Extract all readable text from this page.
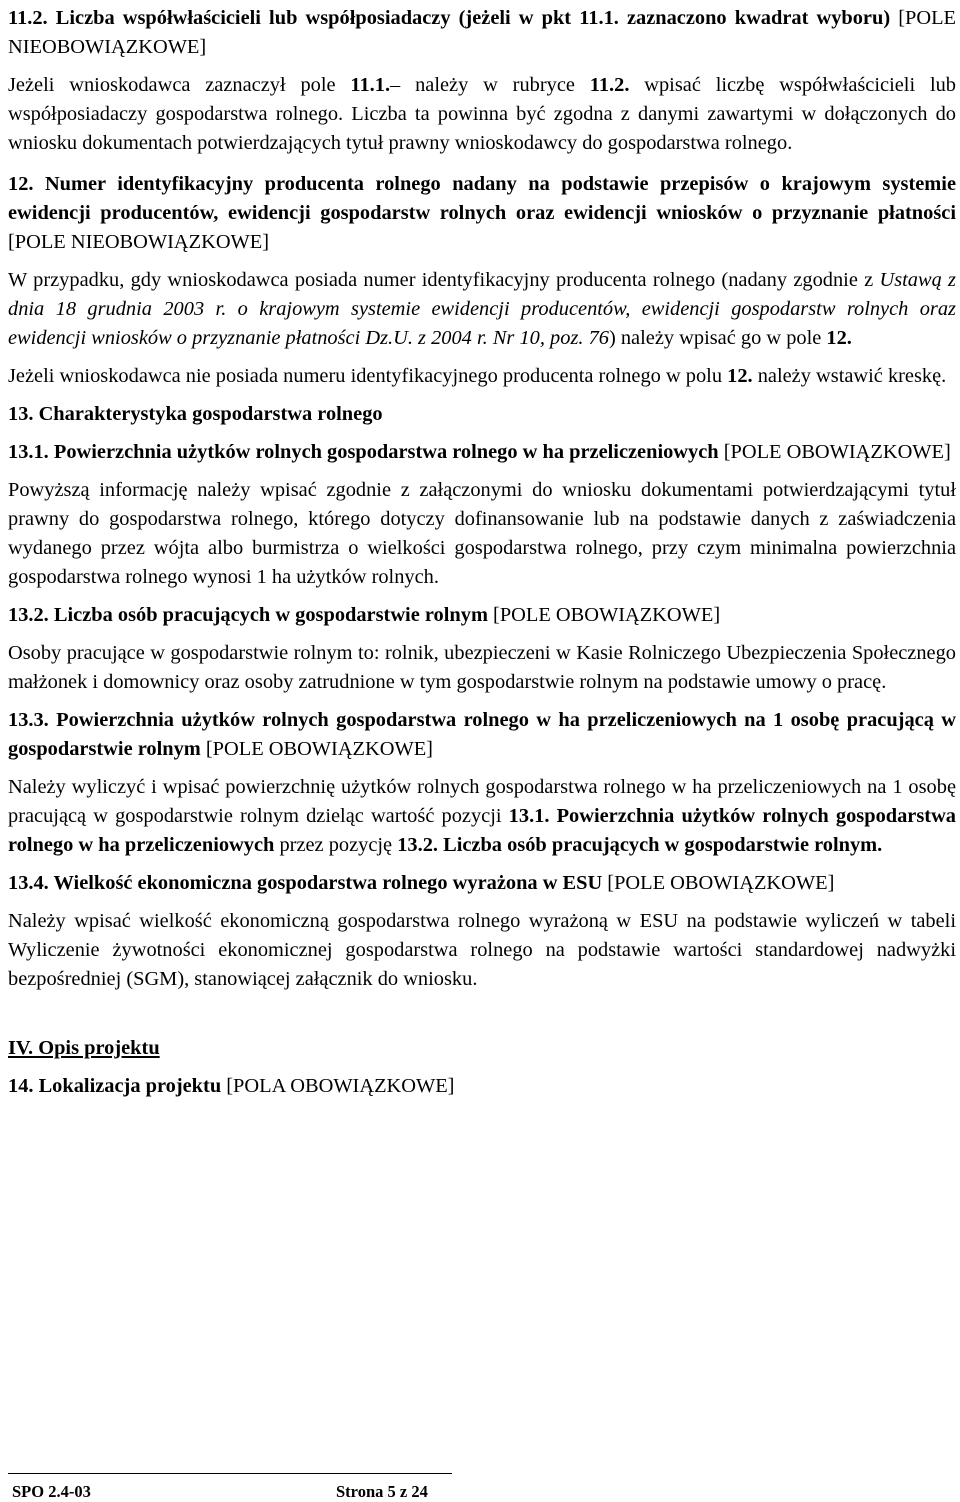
11.2. Liczba współwłaścicieli lub współposiadaczy (jeżeli w pkt 11.1. zaznaczono kwadrat wyboru) [POLE NIEOBOWIĄZKOWE]

Jeżeli wnioskodawca zaznaczył pole 11.1.– należy w rubryce 11.2. wpisać liczbę współwłaścicieli lub współposiadaczy gospodarstwa rolnego. Liczba ta powinna być zgodna z danymi zawartymi w dołączonych do wniosku dokumentach potwierdzających tytuł prawny wnioskodawcy do gospodarstwa rolnego.

12. Numer identyfikacyjny producenta rolnego nadany na podstawie przepisów o krajowym systemie ewidencji producentów, ewidencji gospodarstw rolnych oraz ewidencji wniosków o przyznanie płatności [POLE NIEOBOWIĄZKOWE]

W przypadku, gdy wnioskodawca posiada numer identyfikacyjny producenta rolnego (nadany zgodnie z Ustawą z dnia 18 grudnia 2003 r. o krajowym systemie ewidencji producentów, ewidencji gospodarstw rolnych oraz ewidencji wniosków o przyznanie płatności Dz.U. z 2004 r. Nr 10, poz. 76) należy wpisać go w pole 12.

Jeżeli wnioskodawca nie posiada numeru identyfikacyjnego producenta rolnego w polu 12. należy wstawić kreskę.

13. Charakterystyka gospodarstwa rolnego

13.1. Powierzchnia użytków rolnych gospodarstwa rolnego w ha przeliczeniowych [POLE OBOWIĄZKOWE]

Powyższą informację należy wpisać zgodnie z załączonymi do wniosku dokumentami potwierdzającymi tytuł prawny do gospodarstwa rolnego, którego dotyczy dofinansowanie lub na podstawie danych z zaświadczenia wydanego przez wójta albo burmistrza o wielkości gospodarstwa rolnego, przy czym minimalna powierzchnia gospodarstwa rolnego wynosi 1 ha użytków rolnych.

13.2. Liczba osób pracujących w gospodarstwie rolnym [POLE OBOWIĄZKOWE]

Osoby pracujące w gospodarstwie rolnym to: rolnik, ubezpieczeni w Kasie Rolniczego Ubezpieczenia Społecznego małżonek i domownicy oraz osoby zatrudnione w tym gospodarstwie rolnym na podstawie umowy o pracę.

13.3. Powierzchnia użytków rolnych gospodarstwa rolnego w ha przeliczeniowych na 1 osobę pracującą w gospodarstwie rolnym [POLE OBOWIĄZKOWE]

Należy wyliczyć i wpisać powierzchnię użytków rolnych gospodarstwa rolnego w ha przeliczeniowych na 1 osobę pracującą w gospodarstwie rolnym dzieląc wartość pozycji 13.1. Powierzchnia użytków rolnych gospodarstwa rolnego w ha przeliczeniowych przez pozycję 13.2. Liczba osób pracujących w gospodarstwie rolnym.

13.4. Wielkość ekonomiczna gospodarstwa rolnego wyrażona w ESU [POLE OBOWIĄZKOWE]

Należy wpisać wielkość ekonomiczną gospodarstwa rolnego wyrażoną w ESU na podstawie wyliczeń w tabeli Wyliczenie żywotności ekonomicznej gospodarstwa rolnego na podstawie wartości standardowej nadwyżki bezpośredniej (SGM), stanowiącej załącznik do wniosku.

IV. Opis projektu

14. Lokalizacja projektu [POLA OBOWIĄZKOWE]

SPO 2.4-03	Strona 5 z 24
